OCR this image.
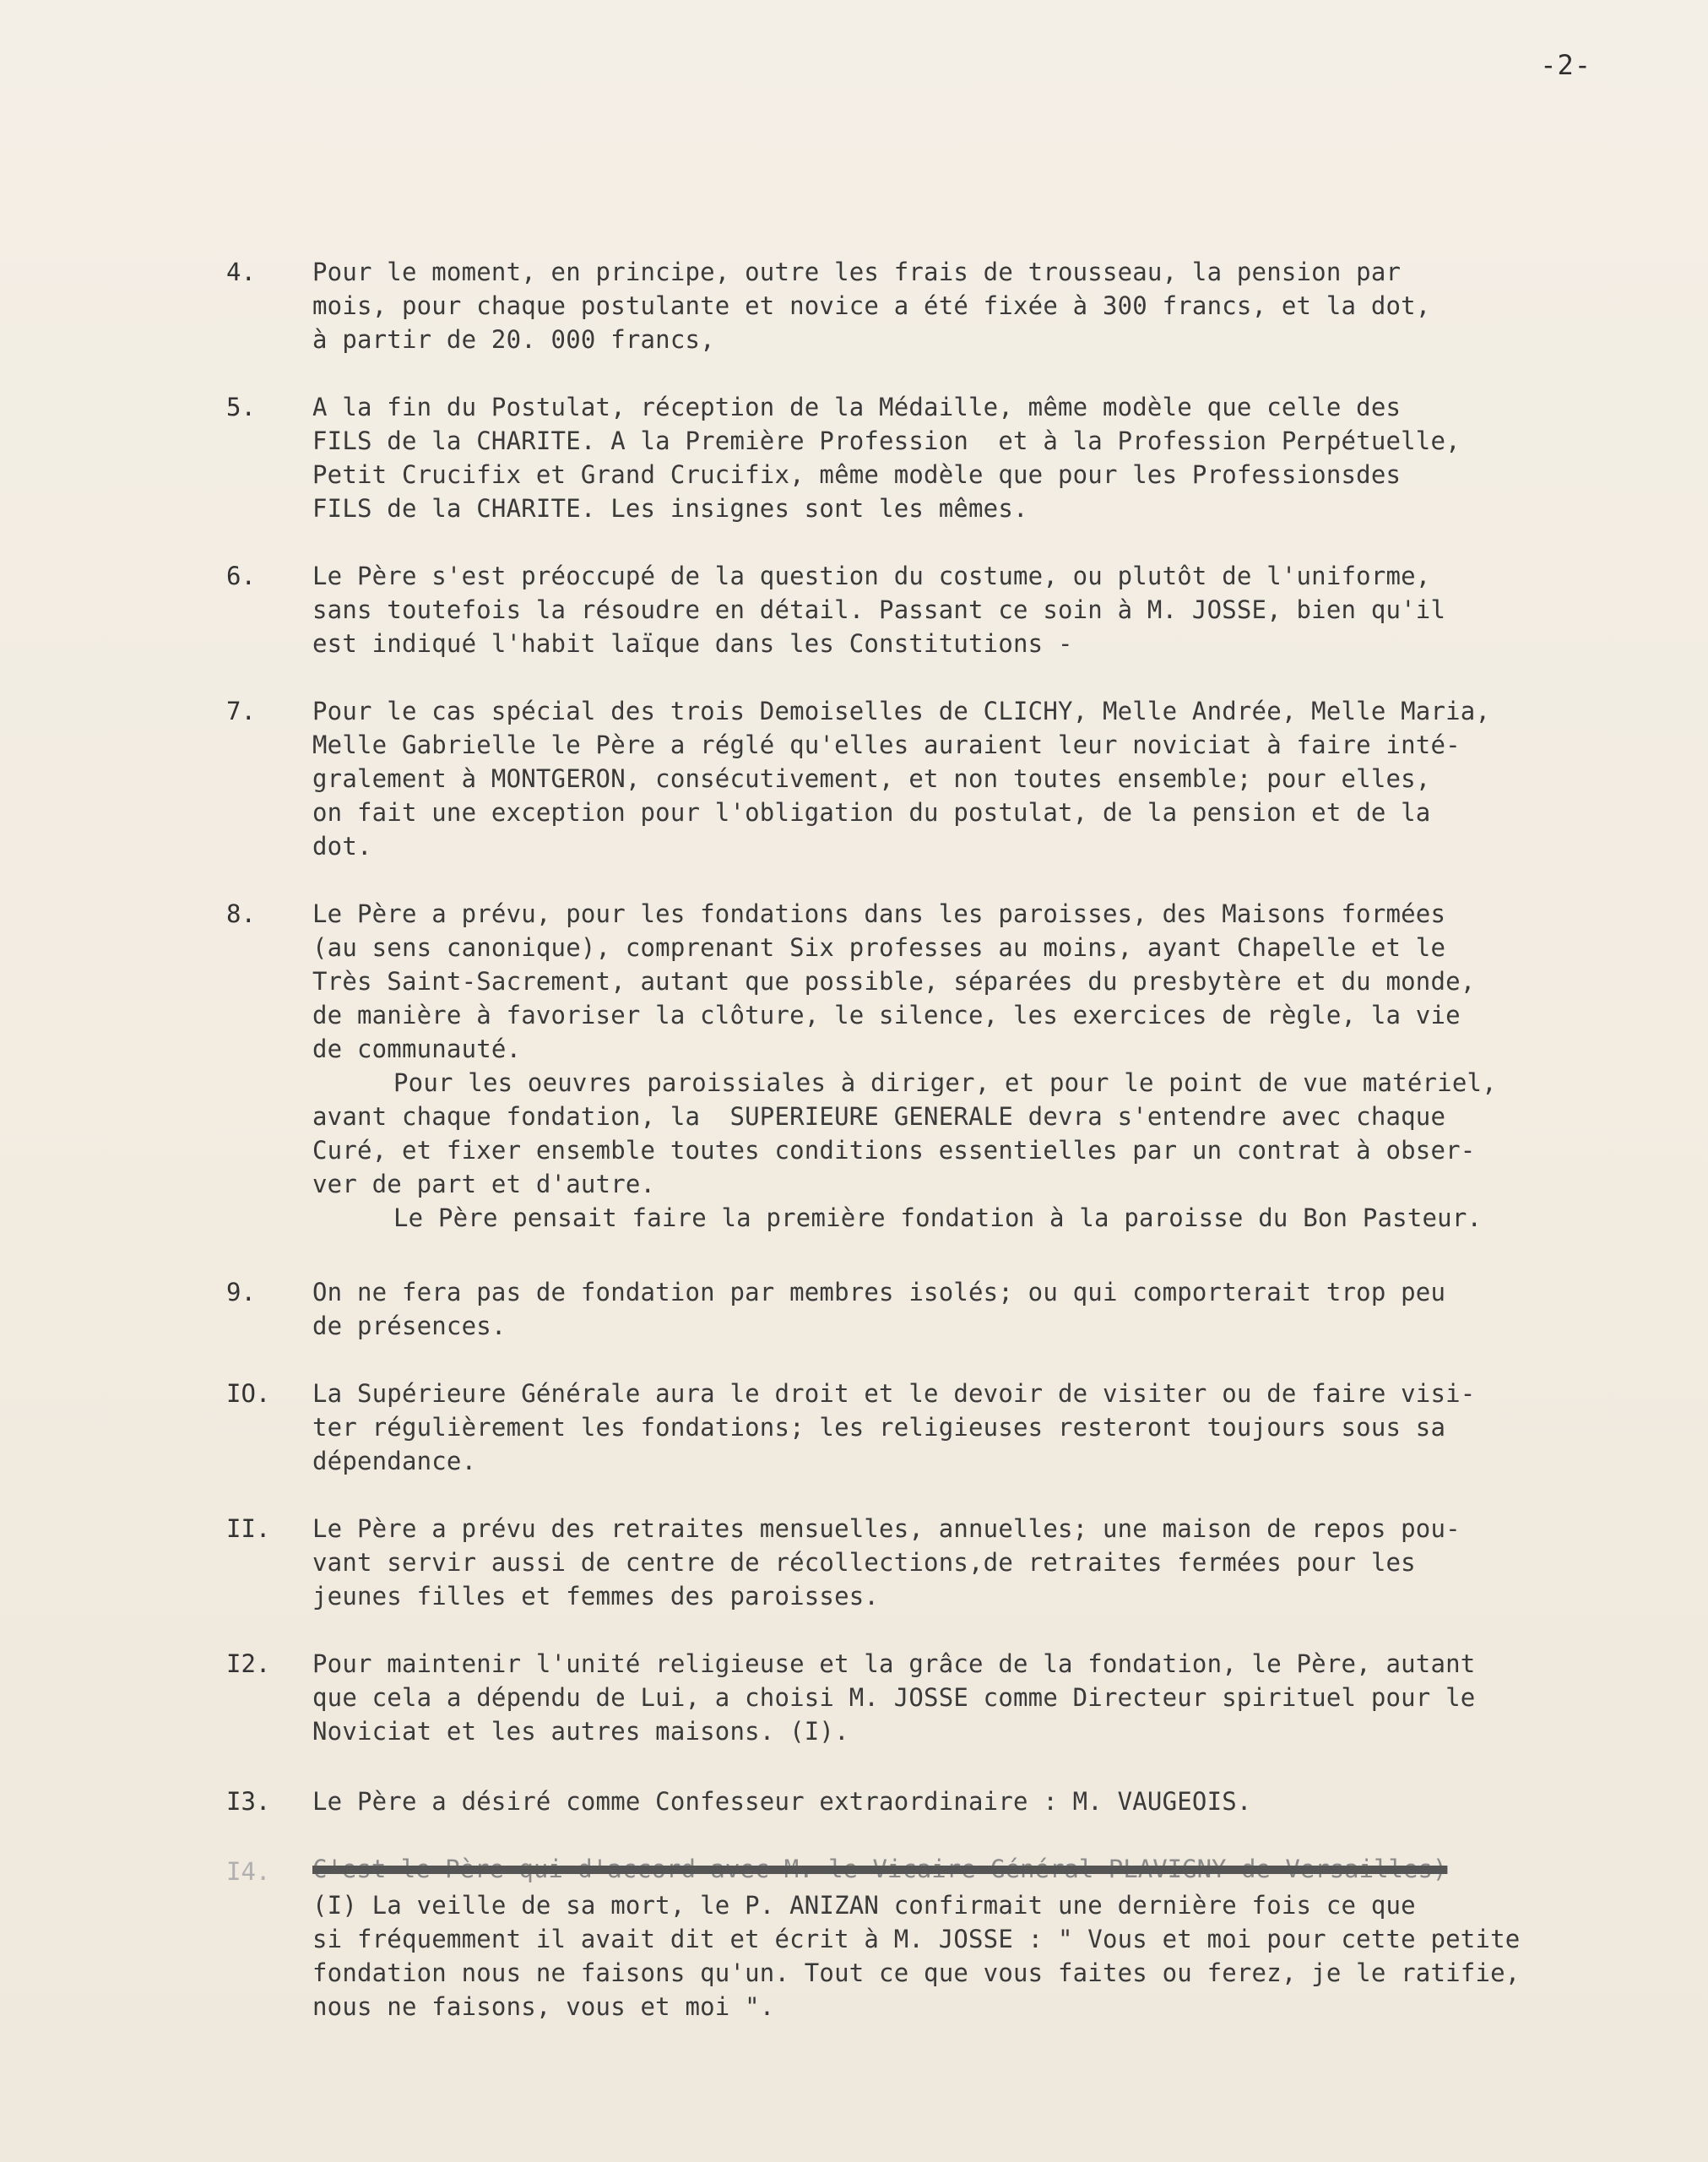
-2-
4.	Pour le moment, en principe, outre les frais de trousseau, la pension par
mois, pour chaque postulante et novice a été fixée à 300 francs, et la dot,
à partir de 20. 000 francs,
5.	A la fin du Postulat, réception de la Médaille, même modèle que celle des
FILS de la CHARITE. A la Première Profession  et à la Profession Perpétuelle,
Petit Crucifix et Grand Crucifix, même modèle que pour les Professionsdes
FILS de la CHARITE. Les insignes sont les mêmes.
6.	Le Père s'est préoccupé de la question du costume, ou plutôt de l'uniforme,
sans toutefois la résoudre en détail. Passant ce soin à M. JOSSE, bien qu'il
est indiqué l'habit laïque dans les Constitutions -
7.	Pour le cas spécial des trois Demoiselles de CLICHY, Melle Andrée, Melle Maria,
Melle Gabrielle le Père a réglé qu'elles auraient leur noviciat à faire inté-
gralement à MONTGERON, consécutivement, et non toutes ensemble; pour elles,
on fait une exception pour l'obligation du postulat, de la pension et de la
dot.
8.	Le Père a prévu, pour les fondations dans les paroisses, des Maisons formées
(au sens canonique), comprenant Six professes au moins, ayant Chapelle et le
Très Saint-Sacrement, autant que possible, séparées du presbytère et du monde,
de manière à favoriser la clôture, le silence, les exercices de règle, la vie
de communauté.
Pour les oeuvres paroissiales à diriger, et pour le point de vue matériel,
avant chaque fondation, la  SUPERIEURE GENERALE devra s'entendre avec chaque
Curé, et fixer ensemble toutes conditions essentielles par un contrat à obser-
ver de part et d'autre.
Le Père pensait faire la première fondation à la paroisse du Bon Pasteur.
9.	On ne fera pas de fondation par membres isolés; ou qui comporterait trop peu
de présences.
IO.	La Supérieure Générale aura le droit et le devoir de visiter ou de faire visi-
ter régulièrement les fondations; les religieuses resteront toujours sous sa
dépendance.
II.	Le Père a prévu des retraites mensuelles, annuelles; une maison de repos pou-
vant servir aussi de centre de récollections,de retraites fermées pour les
jeunes filles et femmes des paroisses.
I2.	Pour maintenir l'unité religieuse et la grâce de la fondation, le Père, autant
que cela a dépendu de Lui, a choisi M. JOSSE comme Directeur spirituel pour le
Noviciat et les autres maisons. (I).
I3.	Le Père a désiré comme Confesseur extraordinaire : M. VAUGEOIS.
I4.	C'est le Père qui d'accord avec M. le Vicaire Général PLAVIGNY de Versailles)
(I) La veille de sa mort, le P. ANIZAN confirmait une dernière fois ce que
si fréquemment il avait dit et écrit à M. JOSSE : " Vous et moi pour cette petite
fondation nous ne faisons qu'un. Tout ce que vous faites ou ferez, je le ratifie,
nous ne faisons, vous et moi ".
